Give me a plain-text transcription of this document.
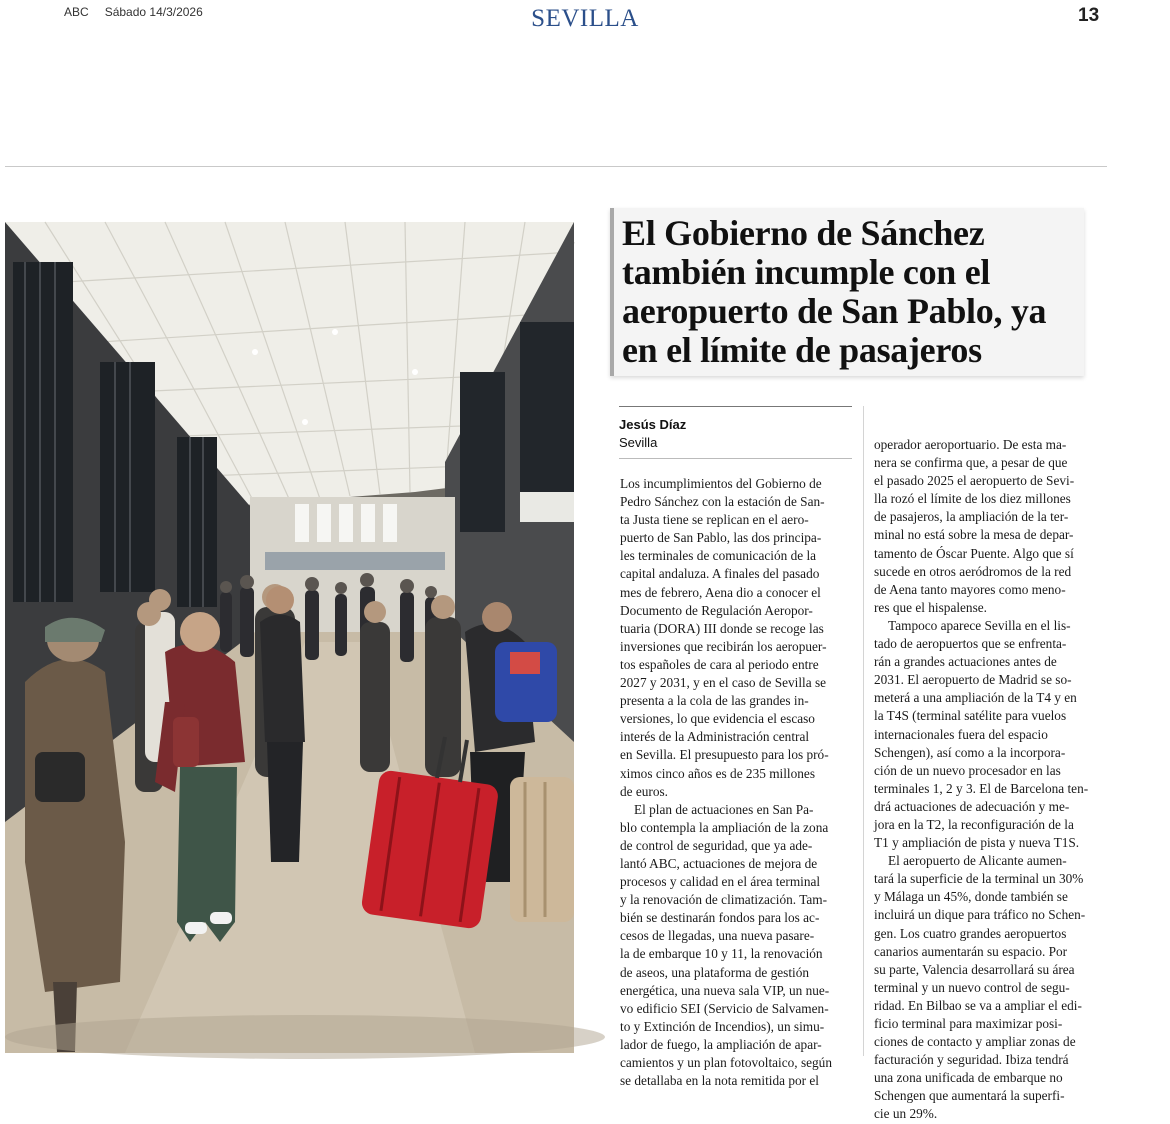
ABC Sábado 14/3/2026	SEVILLA	13
El Gobierno de Sánchez
también incumple con el
aeropuerto de San Pablo, ya
en el límite de pasajeros
Jesús Díaz
Sevilla

Los incumplimientos del Gobierno de
Pedro Sánchez con la estación de San-
ta Justa tiene se replican en el aero-
puerto de San Pablo, las dos principa-
les terminales de comunicación de la
capital andaluza. A finales del pasado
mes de febrero, Aena dio a conocer el
Documento de Regulación Aeropor-
tuaria (DORA) III donde se recoge las
inversiones que recibirán los aeropuer-
tos españoles de cara al periodo entre
2027 y 2031, y en el caso de Sevilla se
presenta a la cola de las grandes in-
versiones, lo que evidencia el escaso
interés de la Administración central
en Sevilla. El presupuesto para los pró-
ximos cinco años es de 235 millones
de euros.

El plan de actuaciones en San Pa-
blo contempla la ampliación de la zona
de control de seguridad, que ya ade-
lantó ABC, actuaciones de mejora de
procesos y calidad en el área terminal
y la renovación de climatización. Tam-
bién se destinarán fondos para los ac-
cesos de llegadas, una nueva pasare-
la de embarque 10 y 11, la renovación
de aseos, una plataforma de gestión
energética, una nueva sala VIP, un nue-
vo edificio SEI (Servicio de Salvamen-
to y Extinción de Incendios), un simu-
lador de fuego, la ampliación de apar-
camientos y un plan fotovoltaico, según
se detallaba en la nota remitida por el

operador aeroportuario. De esta ma-
nera se confirma que, a pesar de que
el pasado 2025 el aeropuerto de Sevi-
lla rozó el límite de los diez millones
de pasajeros, la ampliación de la ter-
minal no está sobre la mesa de depar-
tamento de Óscar Puente. Algo que sí
sucede en otros aeródromos de la red
de Aena tanto mayores como meno-
res que el hispalense.

Tampoco aparece Sevilla en el lis-
tado de aeropuertos que se enfrenta-
rán a grandes actuaciones antes de
2031. El aeropuerto de Madrid se so-
meterá a una ampliación de la T4 y en
la T4S (terminal satélite para vuelos
internacionales fuera del espacio
Schengen), así como a la incorpora-
ción de un nuevo procesador en las
terminales 1, 2 y 3. El de Barcelona ten-
drá actuaciones de adecuación y me-
jora en la T2, la reconfiguración de la
T1 y ampliación de pista y nueva T1S.

El aeropuerto de Alicante aumen-
tará la superficie de la terminal un 30%
y Málaga un 45%, donde también se
incluirá un dique para tráfico no Schen-
gen. Los cuatro grandes aeropuertos
canarios aumentarán su espacio. Por
su parte, Valencia desarrollará su área
terminal y un nuevo control de segu-
ridad. En Bilbao se va a ampliar el edi-
ficio terminal para maximizar posi-
ciones de contacto y ampliar zonas de
facturación y seguridad. Ibiza tendrá
una zona unificada de embarque no
Schengen que aumentará la superfi-
cie un 29%.
